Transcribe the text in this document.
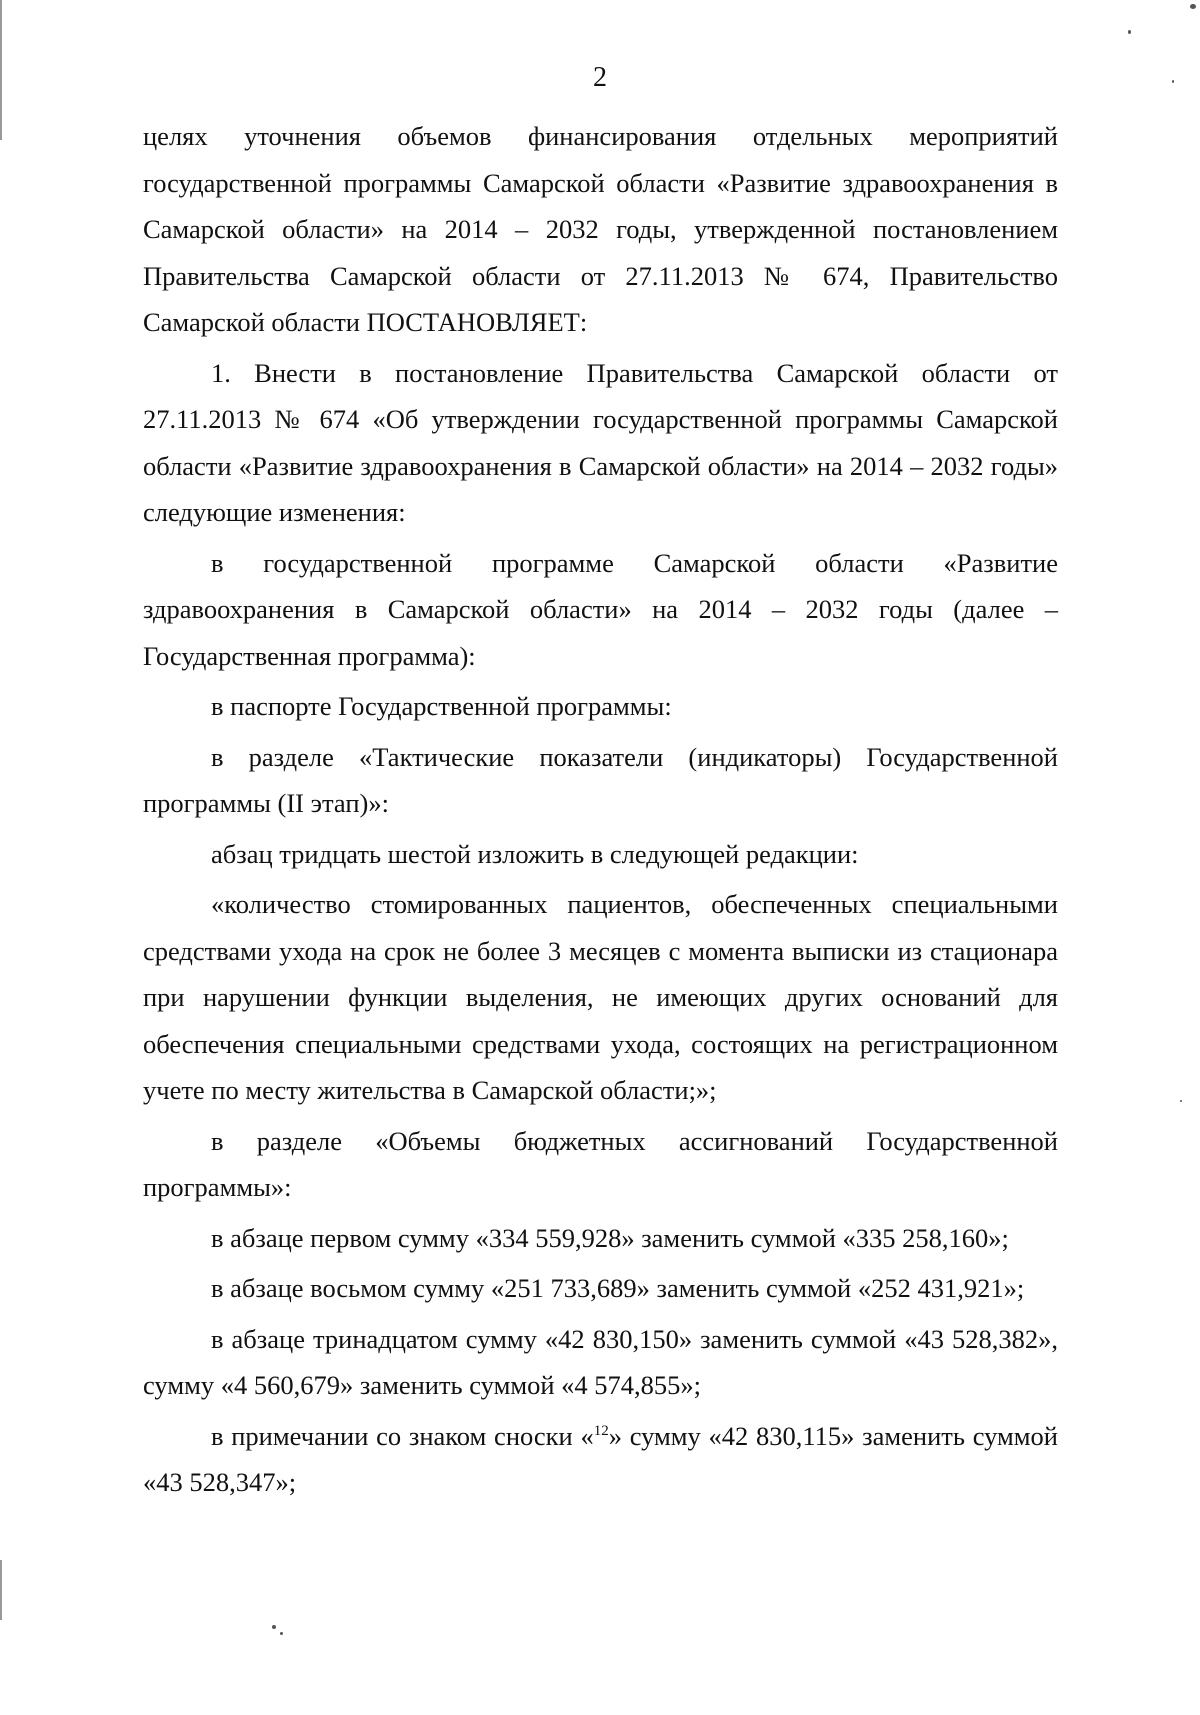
2

целях уточнения объемов финансирования отдельных мероприятий государственной программы Самарской области «Развитие здравоохранения в Самарской области» на 2014 – 2032 годы, утвержденной постановлением Правительства Самарской области от 27.11.2013 № 674, Правительство Самарской области ПОСТАНОВЛЯЕТ:

1. Внести в постановление Правительства Самарской области от 27.11.2013 № 674 «Об утверждении государственной программы Самарской области «Развитие здравоохранения в Самарской области» на 2014 – 2032 годы» следующие изменения:

в государственной программе Самарской области «Развитие здравоохранения в Самарской области» на 2014 – 2032 годы (далее – Государственная программа):

в паспорте Государственной программы:

в разделе «Тактические показатели (индикаторы) Государственной программы (II этап)»:

абзац тридцать шестой изложить в следующей редакции:

«количество стомированных пациентов, обеспеченных специальными средствами ухода на срок не более 3 месяцев с момента выписки из стационара при нарушении функции выделения, не имеющих других оснований для обеспечения специальными средствами ухода, состоящих на регистрационном учете по месту жительства в Самарской области;»;

в разделе «Объемы бюджетных ассигнований Государственной программы»:

в абзаце первом сумму «334 559,928» заменить суммой «335 258,160»;

в абзаце восьмом сумму «251 733,689» заменить суммой «252 431,921»;

в абзаце тринадцатом сумму «42 830,150» заменить суммой «43 528,382», сумму «4 560,679» заменить суммой «4 574,855»;

в примечании со знаком сноски «$^{12}$» сумму «42 830,115» заменить суммой «43 528,347»;
